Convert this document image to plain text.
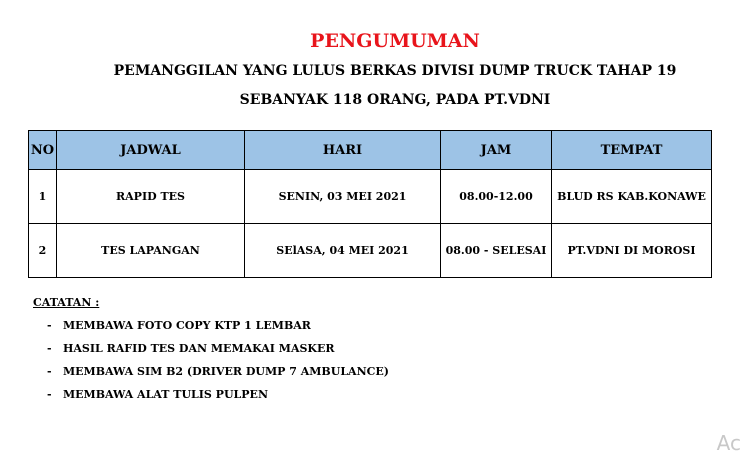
PENGUMUMAN
PEMANGGILAN YANG LULUS BERKAS DIVISI DUMP TRUCK TAHAP 19
SEBANYAK 118 ORANG, PADA PT.VDNI
NO	JADWAL	HARI	JAM	TEMPAT
1	RAPID TES	SENIN, 03 MEI 2021	08.00-12.00	BLUD RS KAB.KONAWE
2	TES LAPANGAN	SElASA, 04 MEI 2021	08.00 - SELESAI	PT.VDNI DI MOROSI
CATATAN :
- MEMBAWA FOTO COPY KTP 1 LEMBAR
- HASIL RAFID TES DAN MEMAKAI MASKER
- MEMBAWA SIM B2 (DRIVER DUMP 7 AMBULANCE)
- MEMBAWA ALAT TULIS PULPEN
Ac
